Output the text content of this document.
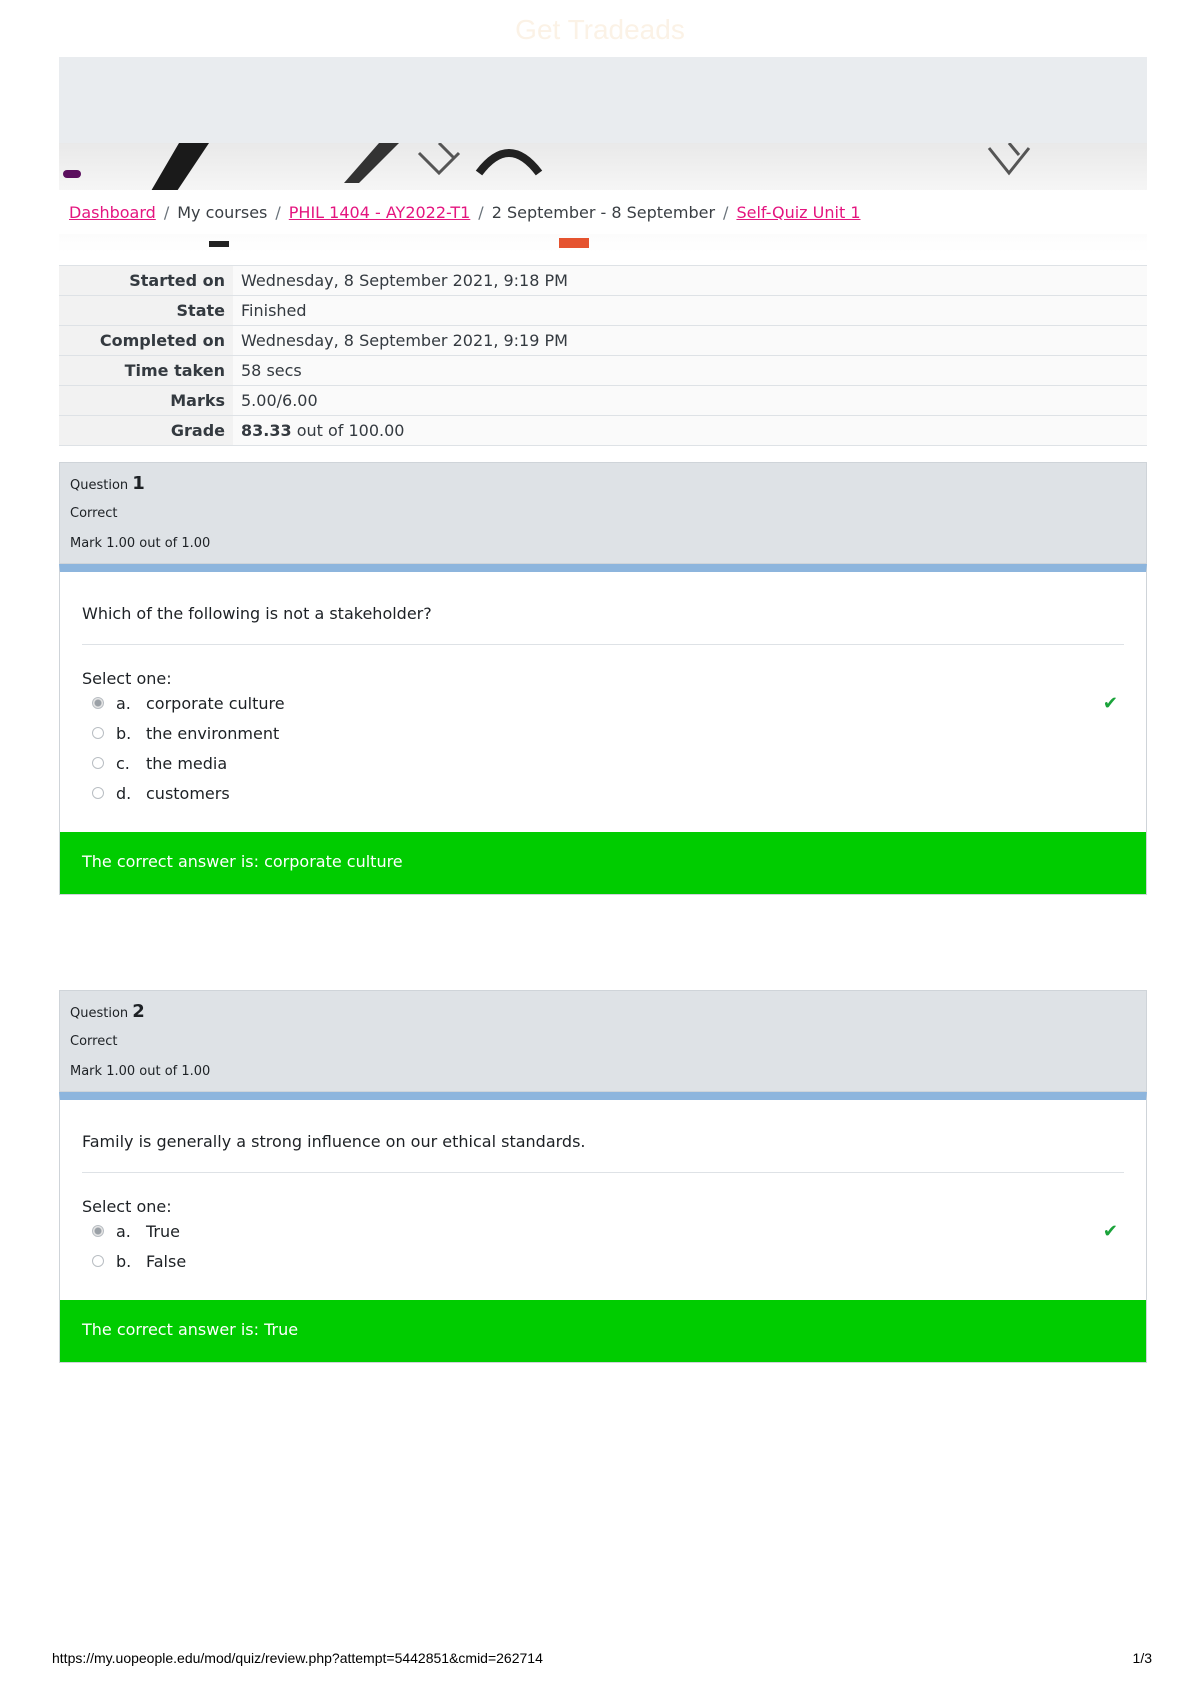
Get Tradeads
Dashboard / My courses / PHIL 1404 - AY2022-T1 / 2 September - 8 September / Self-Quiz Unit 1
Started on	Wednesday, 8 September 2021, 9:18 PM
State	Finished
Completed on	Wednesday, 8 September 2021, 9:19 PM
Time taken	58 secs
Marks	5.00/6.00
Grade	83.33 out of 100.00
Question 1
Correct
Mark 1.00 out of 1.00
Which of the following is not a stakeholder?
Select one:
a. corporate culture	✔
b. the environment
c.	the media
d. customers
The correct answer is: corporate culture
Question 2
Correct
Mark 1.00 out of 1.00
Family is generally a strong influence on our ethical standards.
Select one:
a. True	✔
b. False
The correct answer is: True
https://my.uopeople.edu/mod/quiz/review.php?attempt=5442851&cmid=262714	1/3
